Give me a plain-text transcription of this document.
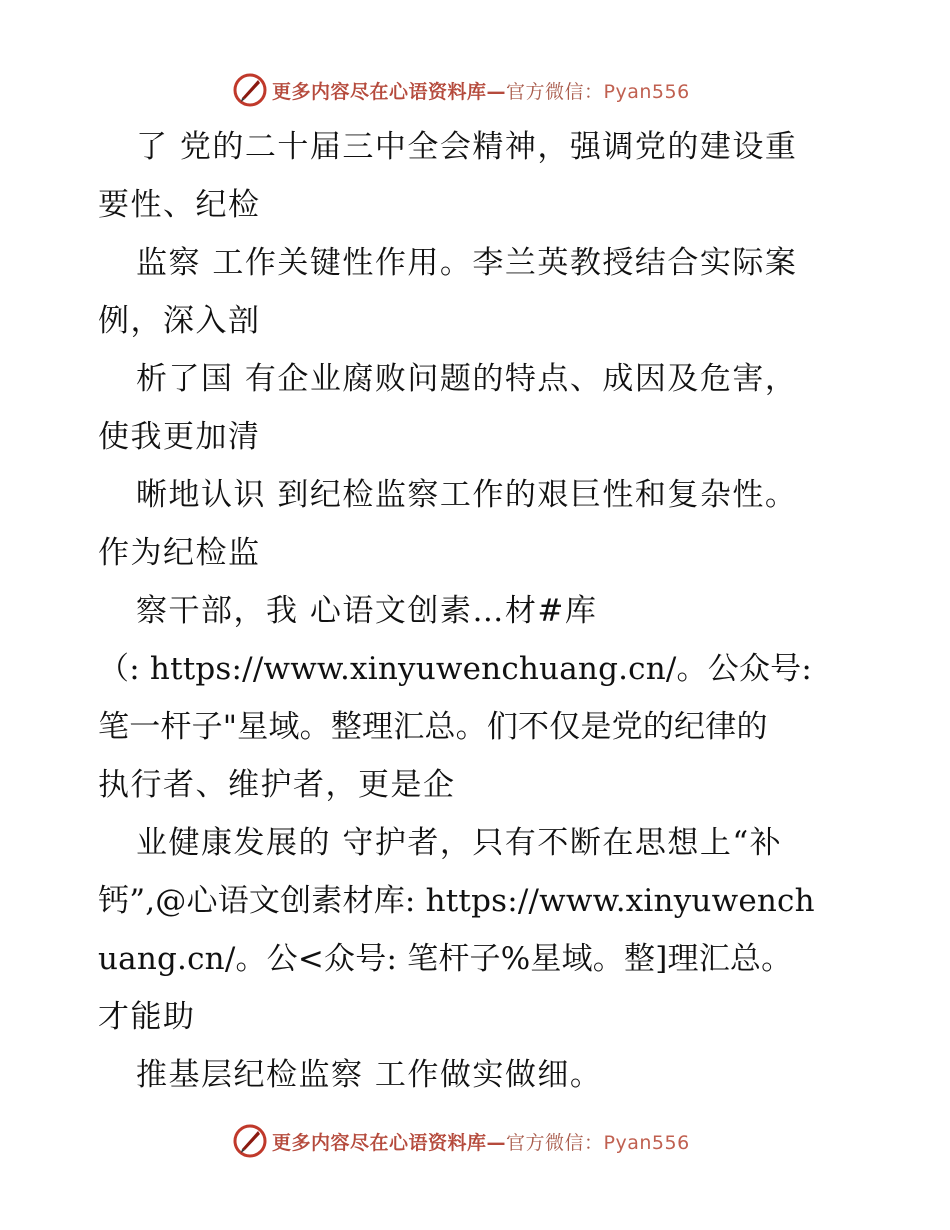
更多内容尽在心语资料库—官方微信：Pyan556
了 党的二十届三中全会精神，强调党的建设重
要性、纪检
监察 工作关键性作用。李兰英教授结合实际案
例，深入剖
析了国 有企业腐败问题的特点、成因及危害，
使我更加清
晰地认识 到纪检监察工作的艰巨性和复杂性。
作为纪检监
察干部，我 心语文创素…材#库
（: https://www.xinyuwenchuang.cn/。公众号:
笔一杆子"星域。整理汇总。们不仅是党的纪律的
执行者、维护者，更是企
业健康发展的 守护者，只有不断在思想上“补
钙”,@心语文创素材库: https://www.xinyuwench
uang.cn/。公<众号: 笔杆子%星域。整]理汇总。
才能助
推基层纪检监察 工作做实做细。
更多内容尽在心语资料库—官方微信：Pyan556
